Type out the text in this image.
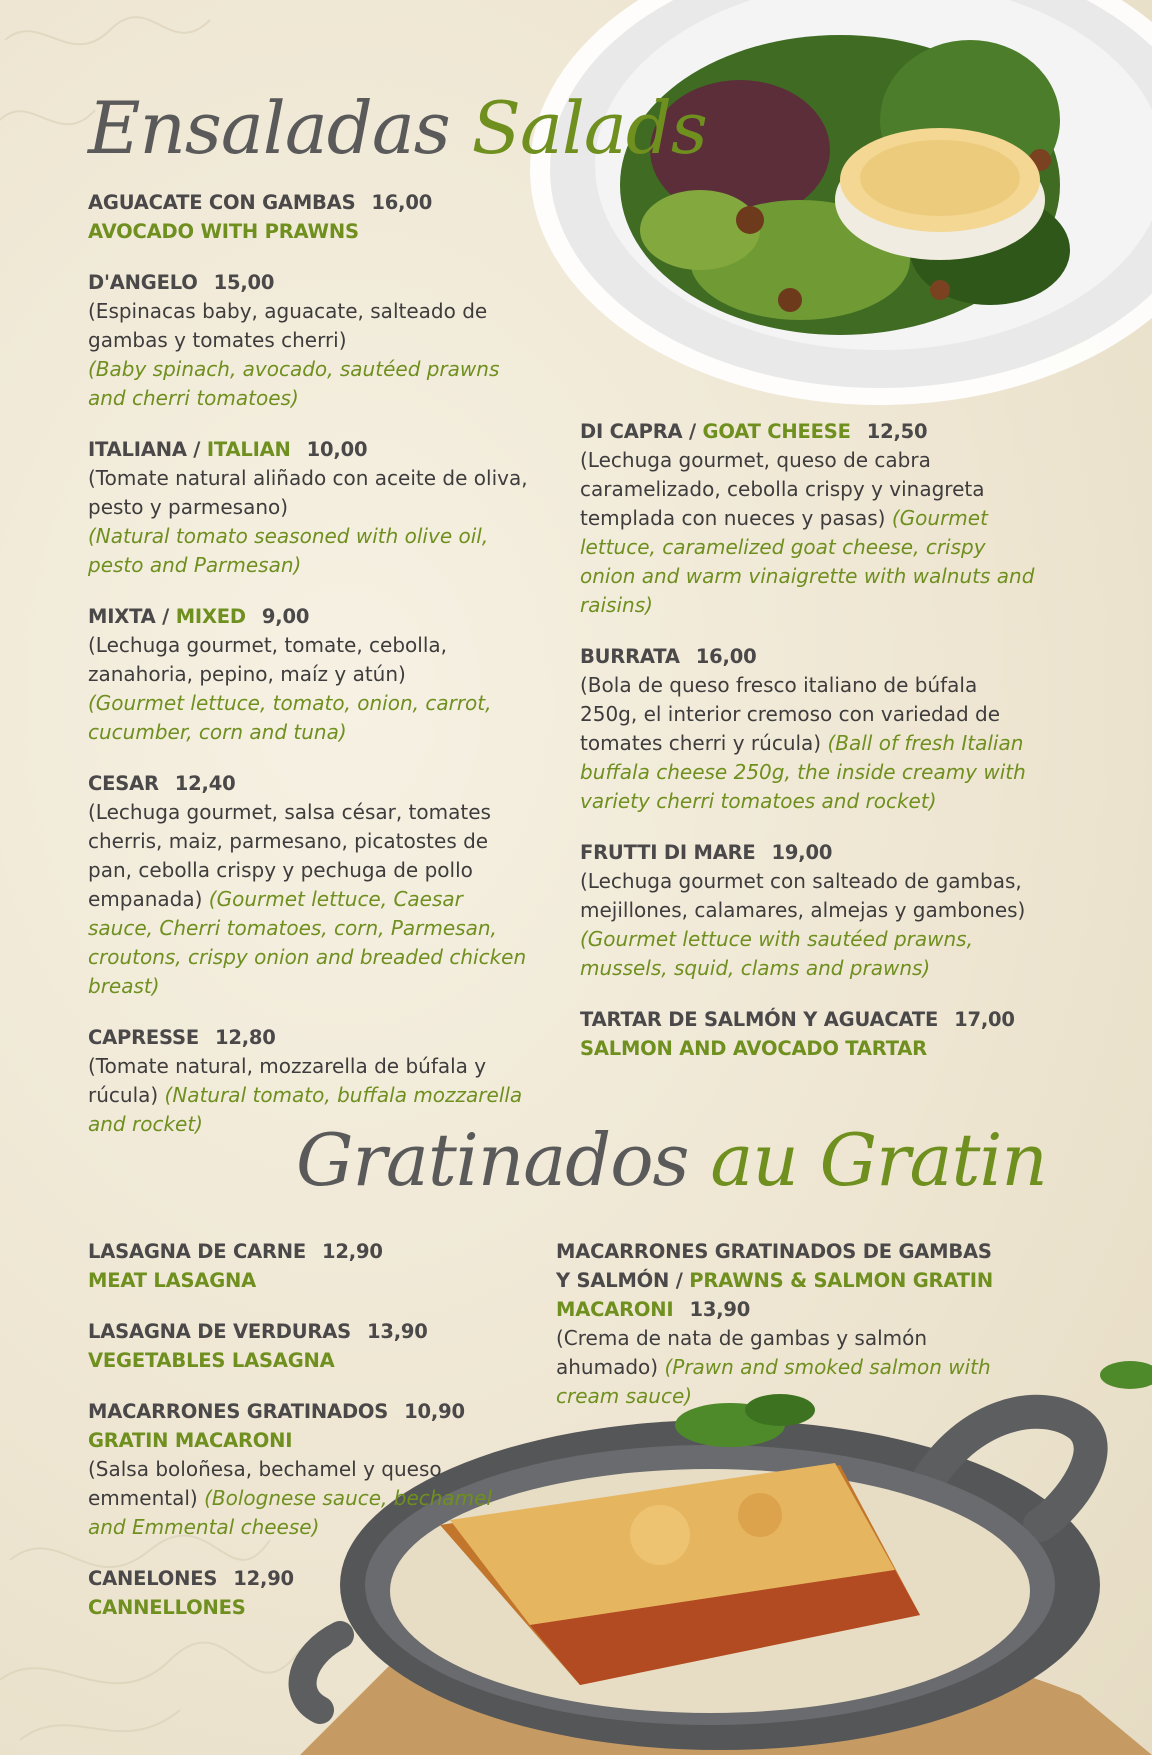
Ensaladas Salads
AGUACATE CON GAMBAS 16,00
AVOCADO WITH PRAWNS
D'ANGELO 15,00
(Espinacas baby, aguacate, salteado de gambas y tomates cherri)
(Baby spinach, avocado, sautéed prawns and cherri tomatoes)
ITALIANA / ITALIAN 10,00
(Tomate natural aliñado con aceite de oliva, pesto y parmesano)
(Natural tomato seasoned with olive oil, pesto and Parmesan)
MIXTA / MIXED 9,00
(Lechuga gourmet, tomate, cebolla, zanahoria, pepino, maíz y atún)
(Gourmet lettuce, tomato, onion, carrot, cucumber, corn and tuna)
CESAR 12,40
(Lechuga gourmet, salsa césar, tomates cherris, maiz, parmesano, picatostes de pan, cebolla crispy y pechuga de pollo empanada) (Gourmet lettuce, Caesar sauce, Cherri tomatoes, corn, Parmesan, croutons, crispy onion and breaded chicken breast)
CAPRESSE 12,80
(Tomate natural, mozzarella de búfala y rúcula) (Natural tomato, buffala mozzarella and rocket)
DI CAPRA / GOAT CHEESE 12,50
(Lechuga gourmet, queso de cabra caramelizado, cebolla crispy y vinagreta templada con nueces y pasas) (Gourmet lettuce, caramelized goat cheese, crispy onion and warm vinaigrette with walnuts and raisins)
BURRATA 16,00
(Bola de queso fresco italiano de búfala 250g, el interior cremoso con variedad de tomates cherri y rúcula) (Ball of fresh Italian buffala cheese 250g, the inside creamy with variety cherri tomatoes and rocket)
FRUTTI DI MARE 19,00
(Lechuga gourmet con salteado de gambas, mejillones, calamares, almejas y gambones)
(Gourmet lettuce with sautéed prawns, mussels, squid, clams and prawns)
TARTAR DE SALMÓN Y AGUACATE 17,00
SALMON AND AVOCADO TARTAR
Gratinados au Gratin
LASAGNA DE CARNE 12,90
MEAT LASAGNA
LASAGNA DE VERDURAS 13,90
VEGETABLES LASAGNA
MACARRONES GRATINADOS 10,90
GRATIN MACARONI
(Salsa boloñesa, bechamel y queso emmental) (Bolognese sauce, bechamel and Emmental cheese)
CANELONES 12,90
CANNELLONES
MACARRONES GRATINADOS DE GAMBAS Y SALMÓN / PRAWNS & SALMON GRATIN MACARONI 13,90
(Crema de nata de gambas y salmón ahumado) (Prawn and smoked salmon with cream sauce)
